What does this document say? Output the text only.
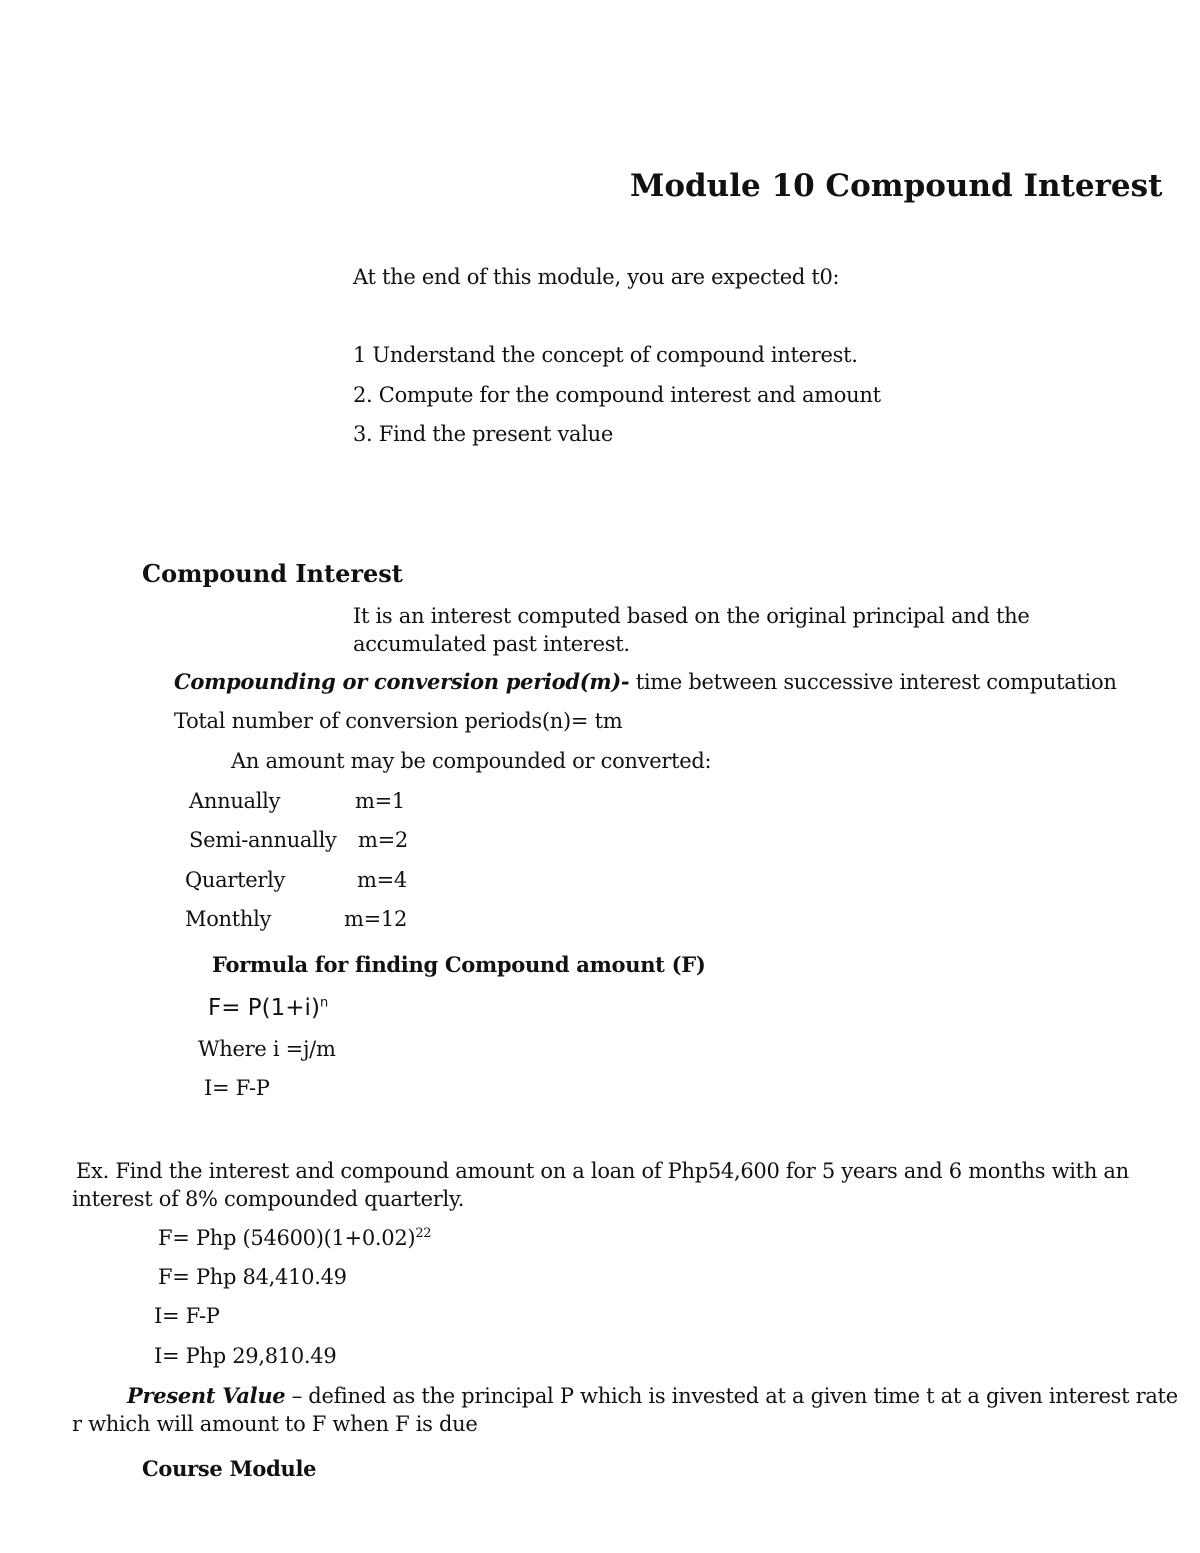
Module 10 Compound Interest
At the end of this module, you are expected t0:
1 Understand the concept of compound interest.
2. Compute for the compound interest and amount
3. Find the present value
Compound Interest
It is an interest computed based on the original principal and the
accumulated past interest.
Compounding or conversion period(m)- time between successive interest computation
Total number of conversion periods(n)= tm
An amount may be compounded or converted:
Annually	m=1
Semi-annually m=2
Quarterly	m=4
Monthly	m=12
Formula for finding Compound amount (F)
$F= P(1+i)^n$
Where i =j/m
I= F-P
Ex. Find the interest and compound amount on a loan of Php54,600 for 5 years and 6 months with an
interest of 8% compounded quarterly.
F= Php $(54600)(1+0.02)^{22}$
F= Php 84,410.49
I= F-P
I= Php 29,810.49
Present Value – defined as the principal P which is invested at a given time t at a given interest rate
r which will amount to F when F is due
Course Module
